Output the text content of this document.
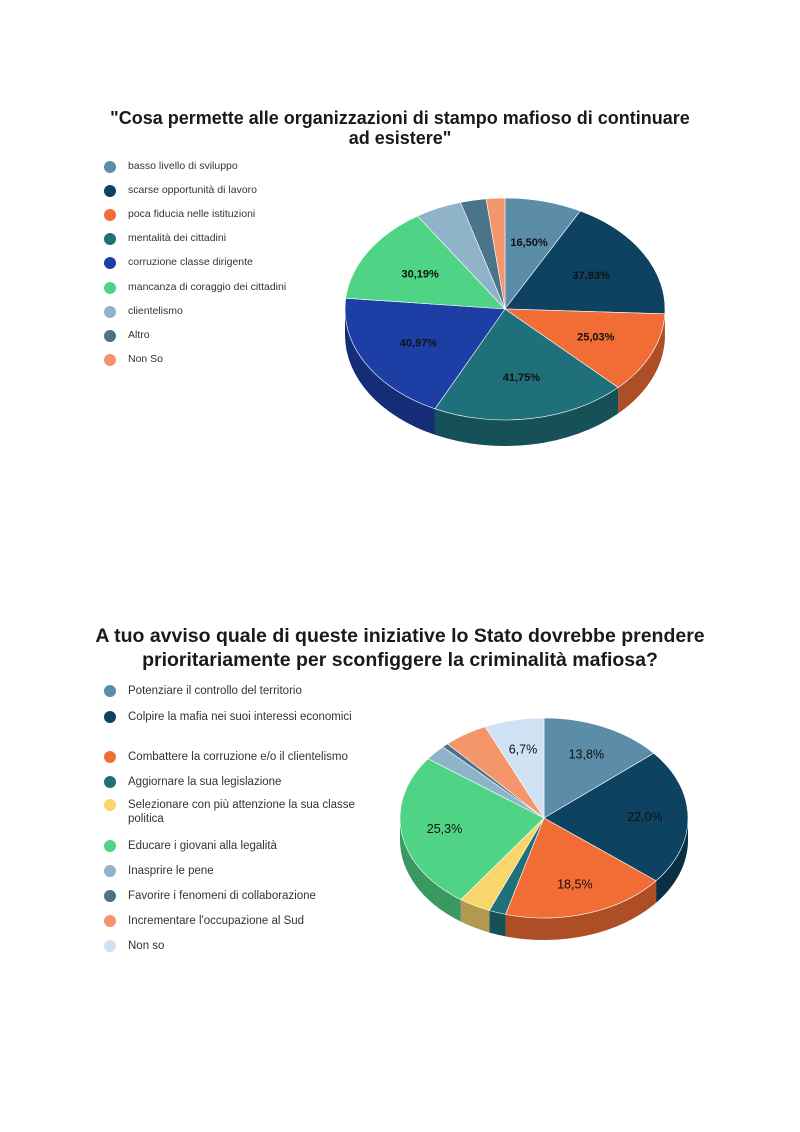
"Cosa permette alle organizzazioni di stampo mafioso di continuare
ad esistere"
basso livello di sviluppo
scarse opportunità di lavoro
poca fiducia nelle istituzioni
mentalità dei cittadini
corruzione classe dirigente
mancanza di coraggio dei cittadini
clientelismo
Altro
Non So
A tuo avviso quale di queste iniziative lo Stato dovrebbe prendere
prioritariamente per sconfiggere la criminalità mafiosa?
Potenziare il controllo del territorio
Colpire la mafia nei suoi interessi economici
Combattere la corruzione e/o il clientelismo
Aggiornare la sua legislazione
Selezionare con più attenzione la sua classe politica
Educare i giovani alla legalità
Inasprire le pene
Favorire i fenomeni di collaborazione
Incrementare l'occupazione al Sud
Non so
16,50%
37,93%
25,03%
41,75%
40,97%
30,19%
13,8%
22,0%
18,5%
25,3%
6,7%
